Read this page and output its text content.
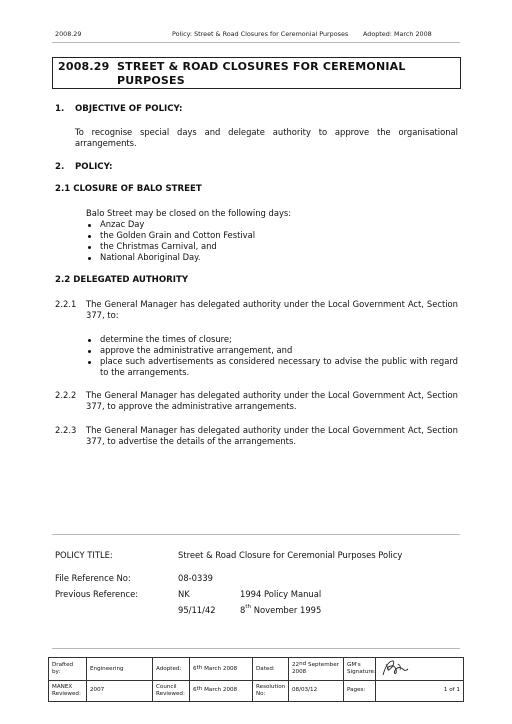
2008.29	Policy: Street & Road Closures for Ceremonial Purposes Adopted: March 2008
2008.29 STREET & ROAD CLOSURES FOR CEREMONIAL
PURPOSES
1. OBJECTIVE OF POLICY:
To recognise special days and delegate authority to approve the organisational arrangements.
2. POLICY:
2.1 CLOSURE OF BALO STREET
Balo Street may be closed on the following days:
Anzac Day
the Golden Grain and Cotton Festival
the Christmas Carnival, and
National Aboriginal Day.
2.2 DELEGATED AUTHORITY
2.2.1 The General Manager has delegated authority under the Local Government Act, Section 377, to:
determine the times of closure;
approve the administrative arrangement, and
place such advertisements as considered necessary to advise the public with regard to the arrangements.
2.2.2 The General Manager has delegated authority under the Local Government Act, Section 377, to approve the administrative arrangements.
2.2.3 The General Manager has delegated authority under the Local Government Act, Section 377, to advertise the details of the arrangements.
POLICY TITLE:	Street & Road Closure for Ceremonial Purposes Policy
File Reference No:	08-0339
Previous Reference:	NK	1994 Policy Manual
95/11/42	8th November 1995
Drafted by:	Engineering	Adopted:	6th March 2008	Dated:	22nd September 2008	GM's Signature:	
MANEX Reviewed:	2007	Council Reviewed:	6th March 2008	Resolution No:	08/03/12	Pages:	1 of 1
